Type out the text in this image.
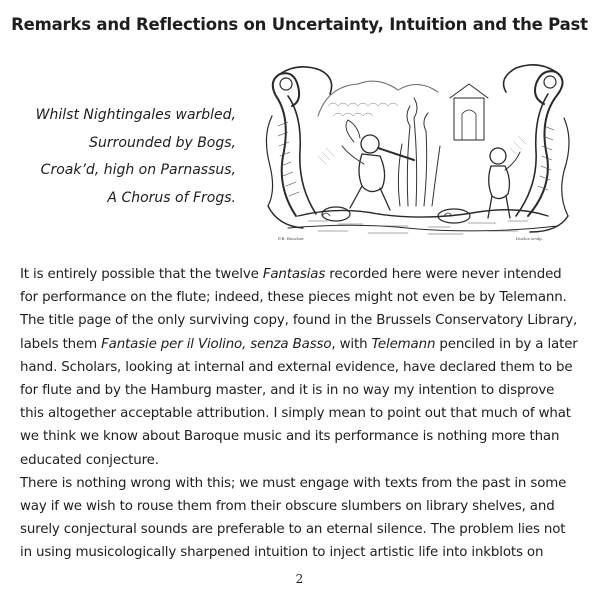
Remarks and Reflections on Uncertainty, Intuition and the Past
Whilst Nightingales warbled,
Surrounded by Bogs,
Croak’d, high on Parnassus,
A Chorus of Frogs.
F.B. Boucher	Duclos sculp.
It is entirely possible that the twelve Fantasias recorded here were never intended
for performance on the flute; indeed, these pieces might not even be by Telemann.
The title page of the only surviving copy, found in the Brussels Conservatory Library,
labels them Fantasie per il Violino, senza Basso, with Telemann penciled in by a later
hand. Scholars, looking at internal and external evidence, have declared them to be
for flute and by the Hamburg master, and it is in no way my intention to disprove
this altogether acceptable attribution. I simply mean to point out that much of what
we think we know about Baroque music and its performance is nothing more than
educated conjecture.
There is nothing wrong with this; we must engage with texts from the past in some
way if we wish to rouse them from their obscure slumbers on library shelves, and
surely conjectural sounds are preferable to an eternal silence. The problem lies not
in using musicologically sharpened intuition to inject artistic life into inkblots on
2
